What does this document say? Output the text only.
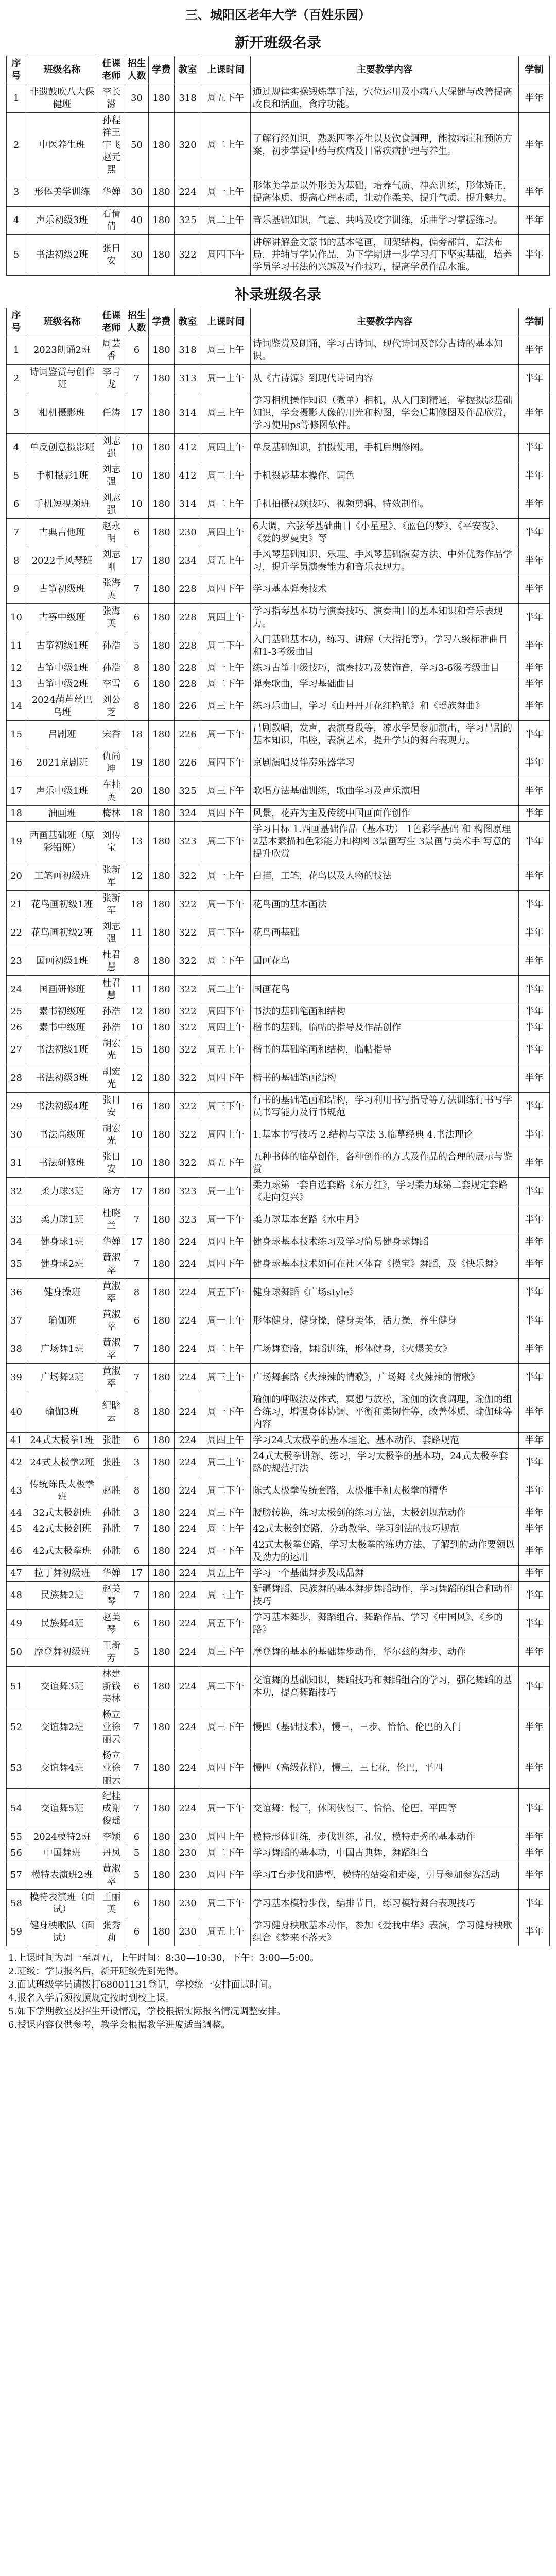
三、城阳区老年大学（百姓乐园）
新开班级名录
序号	班级名称	任课老师	招生人数	学费	教室	上课时间	主要教学内容	学制
1	非遗鼓吹八大保健班	李长滋	30	180	318	周五下午	通过规律实操锻炼掌手法，穴位运用及小病八大保健与改善提高改良和活血，食疗功能。	半年
2	中医养生班	孙程祥王宇飞赵元熙	50	180	320	周二上午	了解行经知识，熟悉四季养生以及饮食调理，能按病症和预防方案，初步掌握中药与疾病及日常疾病护理与养生。	半年
3	形体美学训练	华婵	30	180	224	周一上午	形体美学是以外形美为基础，培养气质、神态训练，形体矫正，提高体质、提高心理素质，让动作柔美、提升气质、提升魅力。	半年
4	声乐初级3班	石倩倩	40	180	325	周二上午	音乐基础知识，气息、共鸣及咬字训练，乐曲学习掌握练习。	半年
5	书法初级2班	张日安	30	180	322	周四下午	讲解讲解金文篆书的基本笔画，间架结构，偏旁部首，章法布局，并辅导学员作品，为下学期进一步学习打下坚实基础，培养学员学习书法的兴趣及写作技巧，提高学员作品水准。	半年
补录班级名录
序号	班级名称	任课老师	招生人数	学费	教室	上课时间	主要教学内容	学制
1	2023朗诵2班	周芸香	6	180	318	周三上午	诗词鉴赏及朗诵，学习古诗词、现代诗词及部分古诗的基本知识。	半年
2	诗词鉴赏与创作班	李青龙	7	180	313	周一上午	从《古诗源》到现代诗词内容	半年
3	相机摄影班	任涛	17	180	314	周三上午	学习相机操作知识（微单）相机，从入门到精通，掌握摄影基础知识，学会摄影人像的用光和构图，学会后期修图及作品欣赏，学习使用ps等修图软件。	半年
4	单反创意摄影班	刘志强	10	180	412	周四上午	单反基础知识，拍摄使用，手机后期修图。	半年
5	手机摄影1班	刘志强	10	180	412	周二上午	手机摄影基本操作、调色	半年
6	手机短视频班	刘志强	10	180	314	周二上午	手机拍摄视频技巧、视频剪辑、特效制作。	半年
7	古典吉他班	赵永明	6	180	230	周四上午	6大调，六弦琴基础曲目《小星星》、《蓝色的梦》、《平安夜》、《爱的罗曼史》等	半年
8	2022手风琴班	刘志刚	17	180	234	周五上午	手风琴基础知识、乐理、手风琴基础演奏方法、中外优秀作品学习，提升学员演奏能力和音乐表现力。	半年
9	古筝初级班	张海英	7	180	228	周四下午	学习基本弹奏技术	半年
10	古筝中级班	张海英	6	180	228	周四上午	学习指琴基本功与演奏技巧、演奏曲目的基本知识和音乐表现力。	半年
11	古筝初级1班	孙浩	5	180	228	周二下午	入门基础基本功，练习、讲解（大指托等），学习八级标准曲目和1-3考级曲目	半年
12	古筝中级1班	孙浩	8	180	228	周一上午	练习古筝中级技巧，演奏技巧及装饰音，学习3-6级考级曲目	半年
13	古筝中级2班	李雪	6	180	228	周二下午	弹奏歌曲，学习基础曲目	半年
14	2024葫芦丝巴乌班	刘公芝	8	180	226	周三上午	练习乐曲目，学习《山丹丹开花红艳艳》和《瑶族舞曲》	半年
15	吕剧班	宋香	18	180	226	周一下午	吕剧教唱，发声，表演身段等，凉水学员参加演出，学习吕剧的基本知识，唱腔，表演艺术，提升学员的舞台表现力。	半年
16	2021京剧班	仇尚坤	19	180	226	周四下午	京剧演唱及伴奏乐器学习	半年
17	声乐中级1班	车桂英	20	180	325	周三下午	歌唱方法基础训练，歌曲学习及声乐演唱	半年
18	油画班	梅林	18	180	324	周四下午	风景，花卉为主及传统中国画面作创作	半年
19	西画基础班（原彩铅班）	刘传宝	13	180	323	周二下午	学习目标 1.西画基础作品（基本功） 1色彩学基础 和 构图原理 2基本素描和色彩能力和构图 3景画写生 3景画与美术手 写意的提升欣赏	半年
20	工笔画初级班	张新军	12	180	322	周一上午	白描，工笔，花鸟以及人物的技法	半年
21	花鸟画初级1班	张新军	18	180	322	周一下午	花鸟画的基本画法	半年
22	花鸟画初级2班	刘志强	11	180	322	周二下午	花鸟画基础	半年
23	国画初级1班	杜君慧	8	180	322	周二下午	国画花鸟	半年
24	国画研修班	杜君慧	11	180	322	周二上午	国画花鸟	半年
25	素书初级班	孙浩	12	180	322	周四下午	书法的基础笔画和结构	半年
26	素书中级班	孙浩	10	180	322	周四上午	楷书的基础，临帖的指导及作品创作	半年
27	书法初级1班	胡宏光	15	180	322	周五上午	楷书的基础笔画和结构，临帖指导	半年
28	书法初级3班	胡宏光	12	180	322	周四下午	楷书的基础笔画结构	半年
29	书法初级4班	张日安	16	180	322	周三下午	行书的基础笔画和结构，学习利用书写指导等方法训练行书写学员书写能力及行书规范	半年
30	书法高级班	胡宏光	10	180	322	周四上午	1.基本书写技巧 2.结构与章法 3.临摹经典 4.书法理论	半年
31	书法研修班	张日安	10	180	322	周五下午	五种书体的临摹创作，各种创作的方式及作品的合理的展示与鉴赏	半年
32	柔力球3班	陈方	17	180	323	周一上午	柔力球第一套自选套路《东方红》，学习柔力球第二套规定套路《走向复兴》	半年
33	柔力球1班	杜晓兰	7	180	323	周一下午	柔力球基本套路《水中月》	半年
34	健身球1班	华婵	17	180	224	周四上午	健身球基本技术练习及学习简易健身球舞蹈	半年
35	健身球2班	黄淑萃	7	180	224	周四下午	健身球基本技术如何在社区体育《摸宝》舞蹈，及《快乐舞》	半年
36	健身操班	黄淑萃	8	180	224	周五下午	健身球舞蹈《广场style》	半年
37	瑜伽班	黄淑萃	6	180	224	周一上午	形体健身，健身操，健身美体，活力操，养生健身	半年
38	广场舞1班	黄淑萃	7	180	224	周二上午	广场舞套路，舞蹈训练，形体健身，《火爆美女》	半年
39	广场舞2班	黄淑萃	7	180	224	周三上午	广场舞套路《火辣辣的情歌》，广场舞《火辣辣的情歌》	半年
40	瑜伽3班	纪晗云	8	180	224	周一下午	瑜伽的呼吸法及体式，冥想与放松，瑜伽的饮食调理，瑜伽的组合练习，增强身体协调、平衡和柔韧性等，改善体质、瑜伽球等内容	半年
41	24式太极拳1班	张胜	6	180	224	周四上午	学习24式太极拳的基本理论、基本动作、套路规范	半年
42	24式太极拳2班	张胜	3	180	224	周二上午	24式太极拳讲解、练习，学习太极拳的基本功，24式太极拳套路的规范打法	半年
43	传统陈氏太极拳班	赵胜	8	180	224	周二下午	陈式太极拳传统套路，太极推手和太极拳的精华	半年
44	32式太极剑班	孙胜	3	180	224	周三下午	腰膀转换，练习太极剑的练习方法，太极剑规范动作	半年
45	42式太极剑班	孙胜	7	180	224	周二上午	42式太极剑套路，分动教学、学习剑法的技巧规范	半年
46	42式太极拳班	孙胜	6	180	224	周一下午	42式太极拳套路，学习太极拳的练功方法、了解到的动作要领以及劲力的运用	半年
47	拉丁舞初级班	华婵	17	180	224	周五上午	学习一个基础舞步及成品舞	半年
48	民族舞2班	赵美琴	7	180	224	周三上午	新疆舞蹈、民族舞的基本舞步舞蹈动作，学习舞蹈的组合和动作技巧	半年
49	民族舞4班	赵美琴	6	180	224	周五下午	学习基本舞步，舞蹈组合、舞蹈作品、学习《中国风》、《乡的路》	半年
50	摩登舞初级班	王新芳	5	180	224	周三下午	摩登舞的基本的基础舞步动作，华尔兹的舞步、动作	半年
51	交谊舞3班	林建新钱美林	6	180	224	周二下午	交谊舞的基础知识，舞蹈技巧和舞蹈组合的学习，强化舞蹈的基本功，提高舞蹈技巧	半年
52	交谊舞2班	杨立业徐丽云	7	180	224	周三下午	慢四（基础技术），慢三，三步、恰恰、伦巴的入门	半年
53	交谊舞4班	杨立业徐丽云	7	180	224	周四下午	慢四（高级花样），慢三，三七花，伦巴，平四	半年
54	交谊舞5班	纪桂成谢俊瑶	7	180	224	周一下午	交谊舞：慢三，休闲伙慢三、恰恰、伦巴、平四等	半年
55	2024模特2班	李颖	6	180	230	周四上午	模特形体训练，步伐训练，礼仪，模特走秀的基本动作	半年
56	中国舞班	丹凤	5	180	230	周二下午	学习舞蹈的基本功，中国古典舞，舞蹈组合	半年
57	模特表演班2班	黄淑萃	5	180	230	周四下午	学习T台步伐和造型，模特的站姿和走姿，引导参加参赛活动	半年
58	模特表演班（面试）	王丽英	6	180	230	周二下午	学习基本模特步伐，编排节目，练习模特舞台表现技巧	半年
59	健身秧歌队（面试）	张秀莉	6	180	230	周五上午	学习健身秧歌基本动作，参加《爱我中华》表演，学习健身秧歌组合《梦来不落天》	半年
1.上课时间为周一至周五，上午时间：8:30—10:30，下午：3:00—5:00。
2.班级：学员报名后，新开班级先到先得。
3.面试班级学员请拨打68001131登记，学校统一安排面试时间。
4.报名入学后须按照规定按时到校上课。
5.如下学期教室及招生开设情况，学校根据实际报名情况调整安排。
6.授课内容仅供参考，教学会根据教学进度适当调整。
